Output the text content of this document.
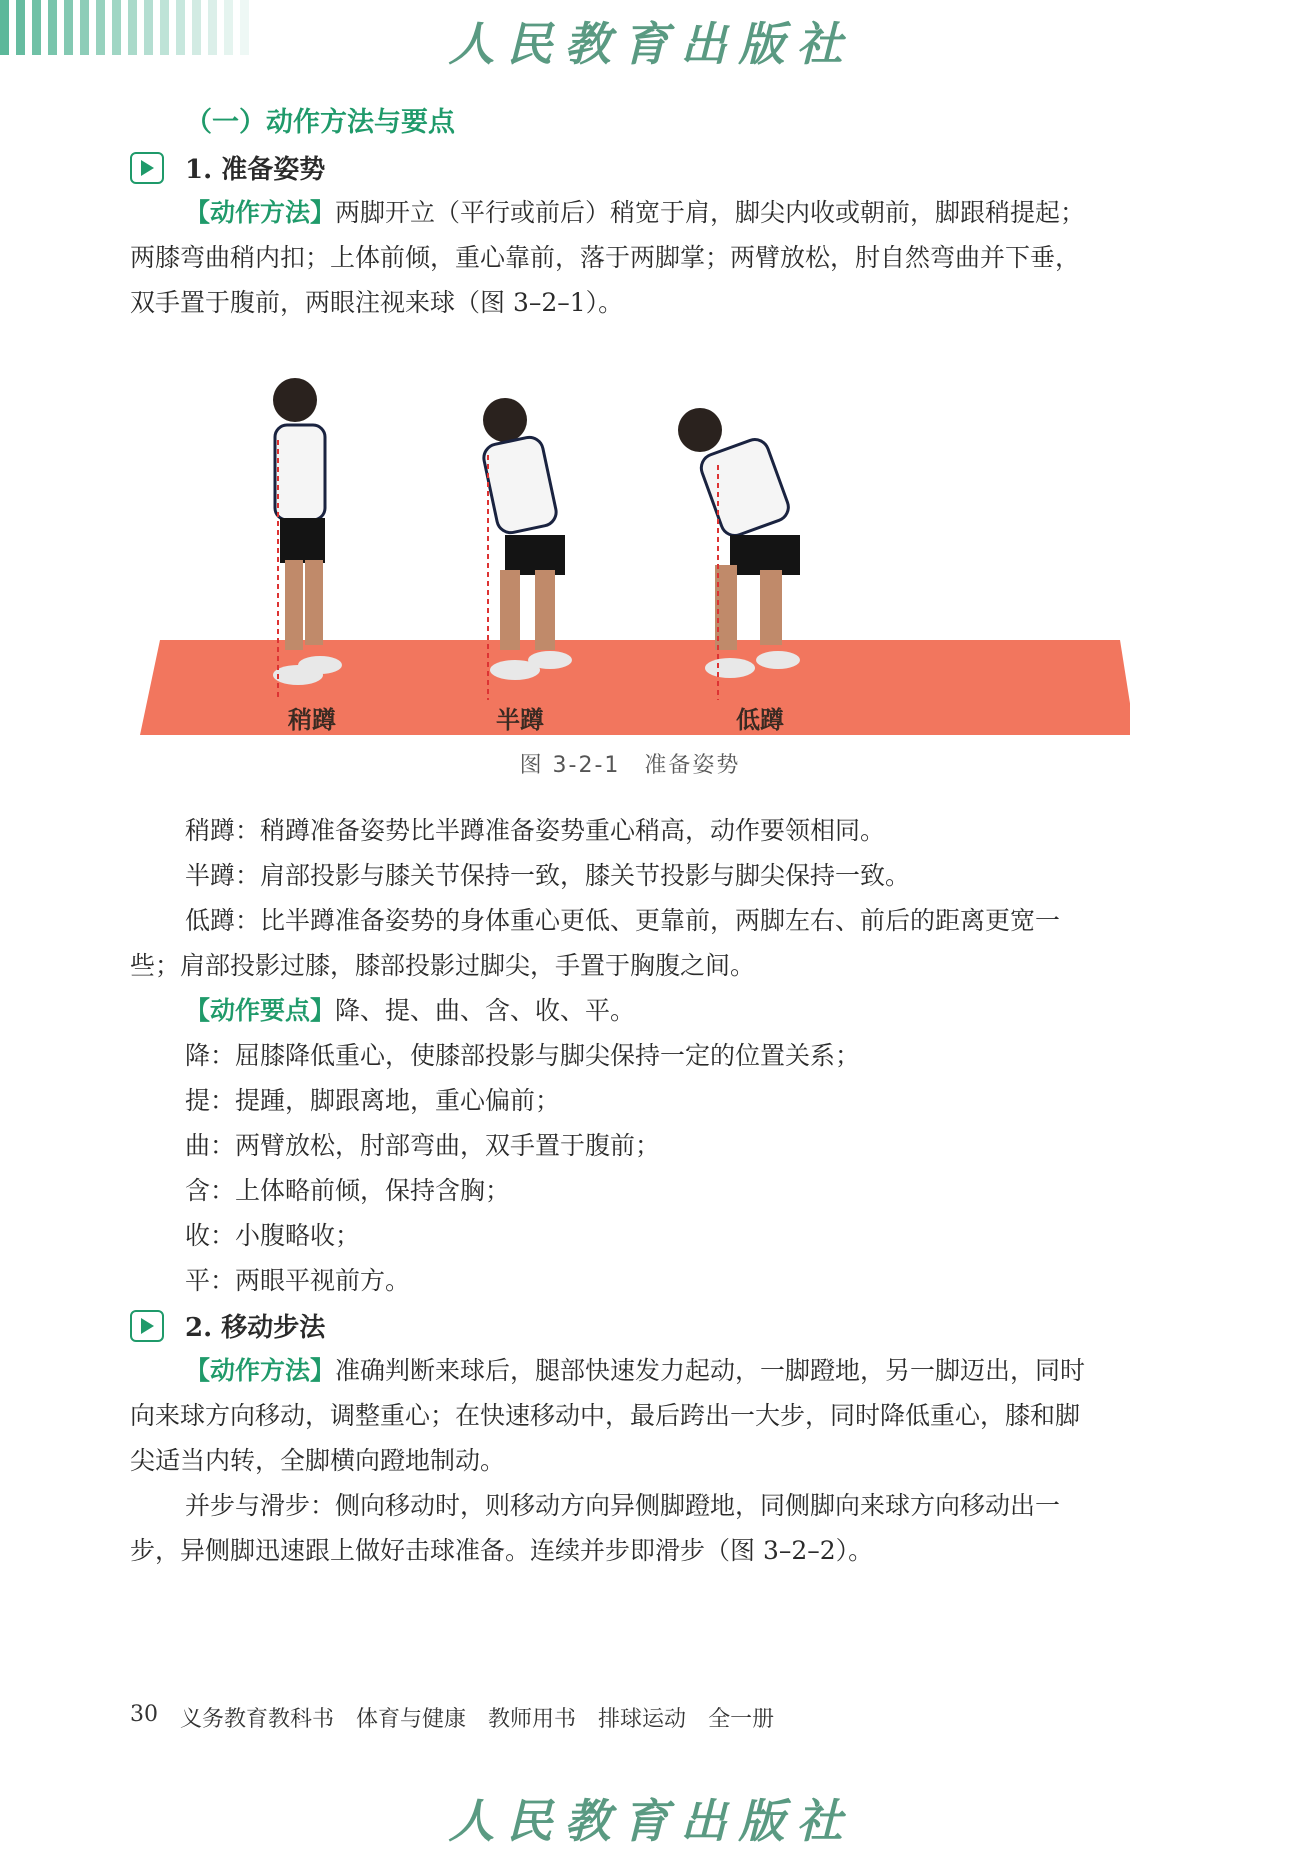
人民教育出版社
（一）动作方法与要点
1. 准备姿势
【动作方法】两脚开立（平行或前后）稍宽于肩，脚尖内收或朝前，脚跟稍提起；
两膝弯曲稍内扣；上体前倾，重心靠前，落于两脚掌；两臂放松，肘自然弯曲并下垂，
双手置于腹前，两眼注视来球（图 3–2–1）。
稍蹲	半蹲	低蹲
图 3-2-1　准备姿势
稍蹲：稍蹲准备姿势比半蹲准备姿势重心稍高，动作要领相同。
半蹲：肩部投影与膝关节保持一致，膝关节投影与脚尖保持一致。
低蹲：比半蹲准备姿势的身体重心更低、更靠前，两脚左右、前后的距离更宽一
些；肩部投影过膝，膝部投影过脚尖，手置于胸腹之间。
【动作要点】降、提、曲、含、收、平。
降：屈膝降低重心，使膝部投影与脚尖保持一定的位置关系；
提：提踵，脚跟离地，重心偏前；
曲：两臂放松，肘部弯曲，双手置于腹前；
含：上体略前倾，保持含胸；
收：小腹略收；
平：两眼平视前方。
2. 移动步法
【动作方法】准确判断来球后，腿部快速发力起动，一脚蹬地，另一脚迈出，同时
向来球方向移动，调整重心；在快速移动中，最后跨出一大步，同时降低重心，膝和脚
尖适当内转，全脚横向蹬地制动。
并步与滑步：侧向移动时，则移动方向异侧脚蹬地，同侧脚向来球方向移动出一
步，异侧脚迅速跟上做好击球准备。连续并步即滑步（图 3–2–2）。
30 义务教育教科书 体育与健康 教师用书 排球运动 全一册
人民教育出版社
